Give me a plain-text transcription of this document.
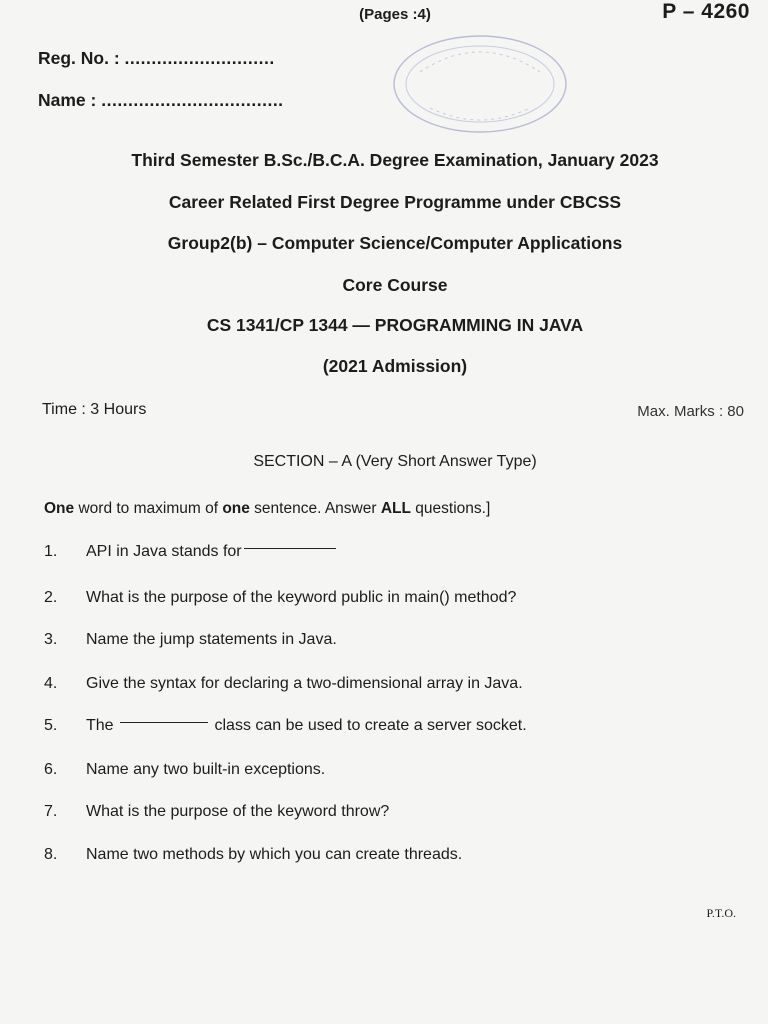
(Pages :4)	P – 4260
Reg. No. : ............................
Name : ..................................
Third Semester B.Sc./B.C.A. Degree Examination, January 2023
Career Related First Degree Programme under CBCSS
Group2(b) – Computer Science/Computer Applications
Core Course
CS 1341/CP 1344 — PROGRAMMING IN JAVA
(2021 Admission)
Time : 3 Hours	Max. Marks : 80
SECTION – A (Very Short Answer Type)
One word to maximum of one sentence. Answer ALL questions.]
1.	API in Java stands for
2.	What is the purpose of the keyword public in main() method?
3.	Name the jump statements in Java.
4.	Give the syntax for declaring a two-dimensional array in Java.
5.	The	class can be used to create a server socket.
6.	Name any two built-in exceptions.
7.	What is the purpose of the keyword throw?
8.	Name two methods by which you can create threads.
P.T.O.
